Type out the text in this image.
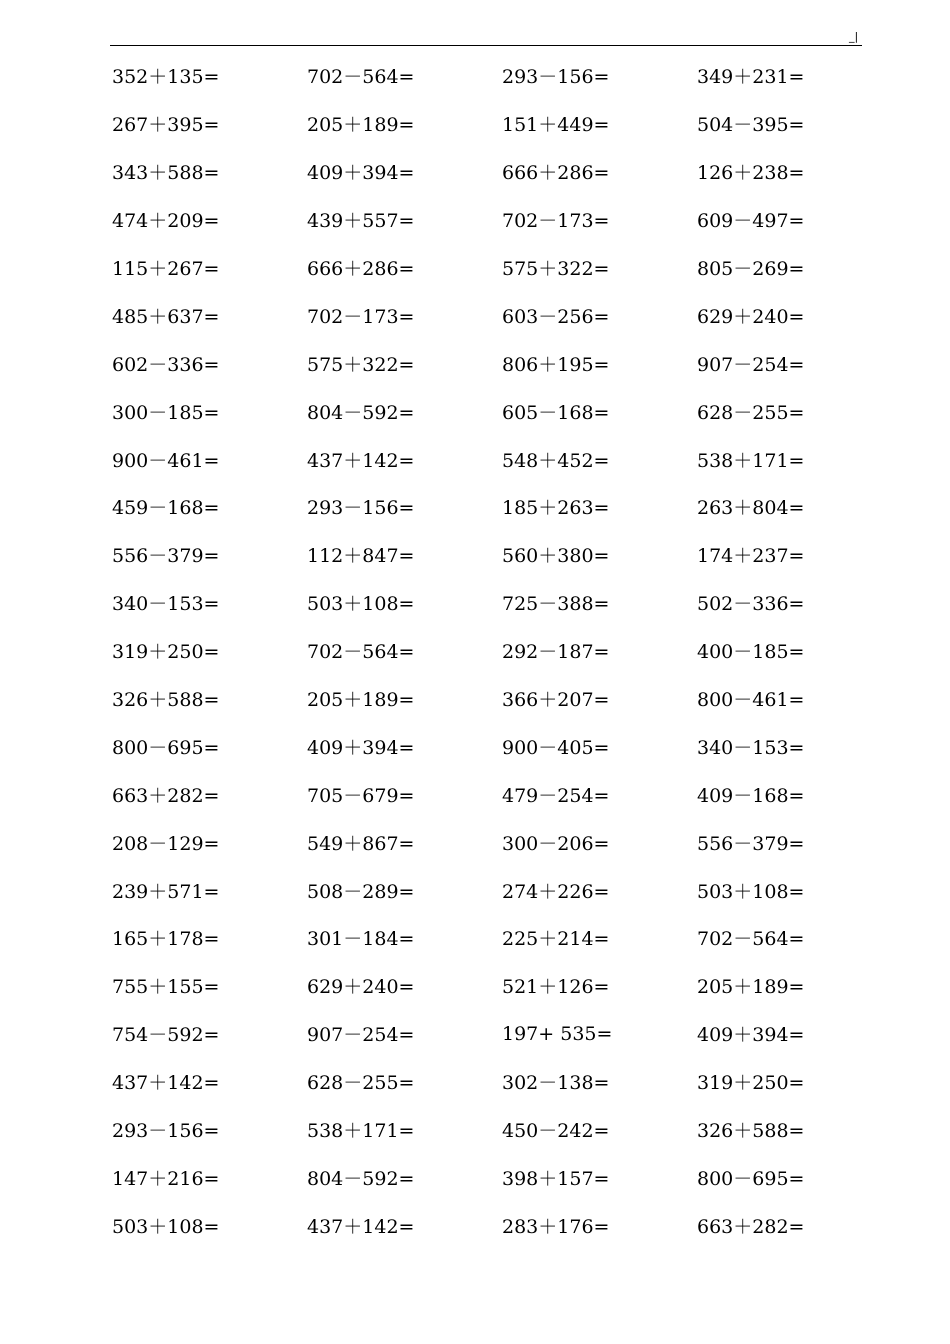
_|
352＋135=	702－564=	293－156=	349＋231=
267＋395=	205＋189=	151＋449=	504－395=
343＋588=	409＋394=	666＋286=	126＋238=
474＋209=	439＋557=	702－173=	609－497=
115＋267=	666＋286=	575＋322=	805－269=
485＋637=	702－173=	603－256=	629＋240=
602－336=	575＋322=	806＋195=	907－254=
300－185=	804－592=	605－168=	628－255=
900－461=	437＋142=	548＋452=	538＋171=
459－168=	293－156=	185＋263=	263＋804=
556－379=	112＋847=	560＋380=	174＋237=
340－153=	503＋108=	725－388=	502－336=
319＋250=	702－564=	292－187=	400－185=
326＋588=	205＋189=	366＋207=	800－461=
800－695=	409＋394=	900－405=	340－153=
663＋282=	705－679=	479－254=	409－168=
208－129=	549＋867=	300－206=	556－379=
239＋571=	508－289=	274＋226=	503＋108=
165＋178=	301－184=	225＋214=	702－564=
755＋155=	629＋240=	521＋126=	205＋189=
754－592=	907－254=	197+ 535=	409＋394=
437＋142=	628－255=	302－138=	319＋250=
293－156=	538＋171=	450－242=	326＋588=
147＋216=	804－592=	398＋157=	800－695=
503＋108=	437＋142=	283＋176=	663＋282=
